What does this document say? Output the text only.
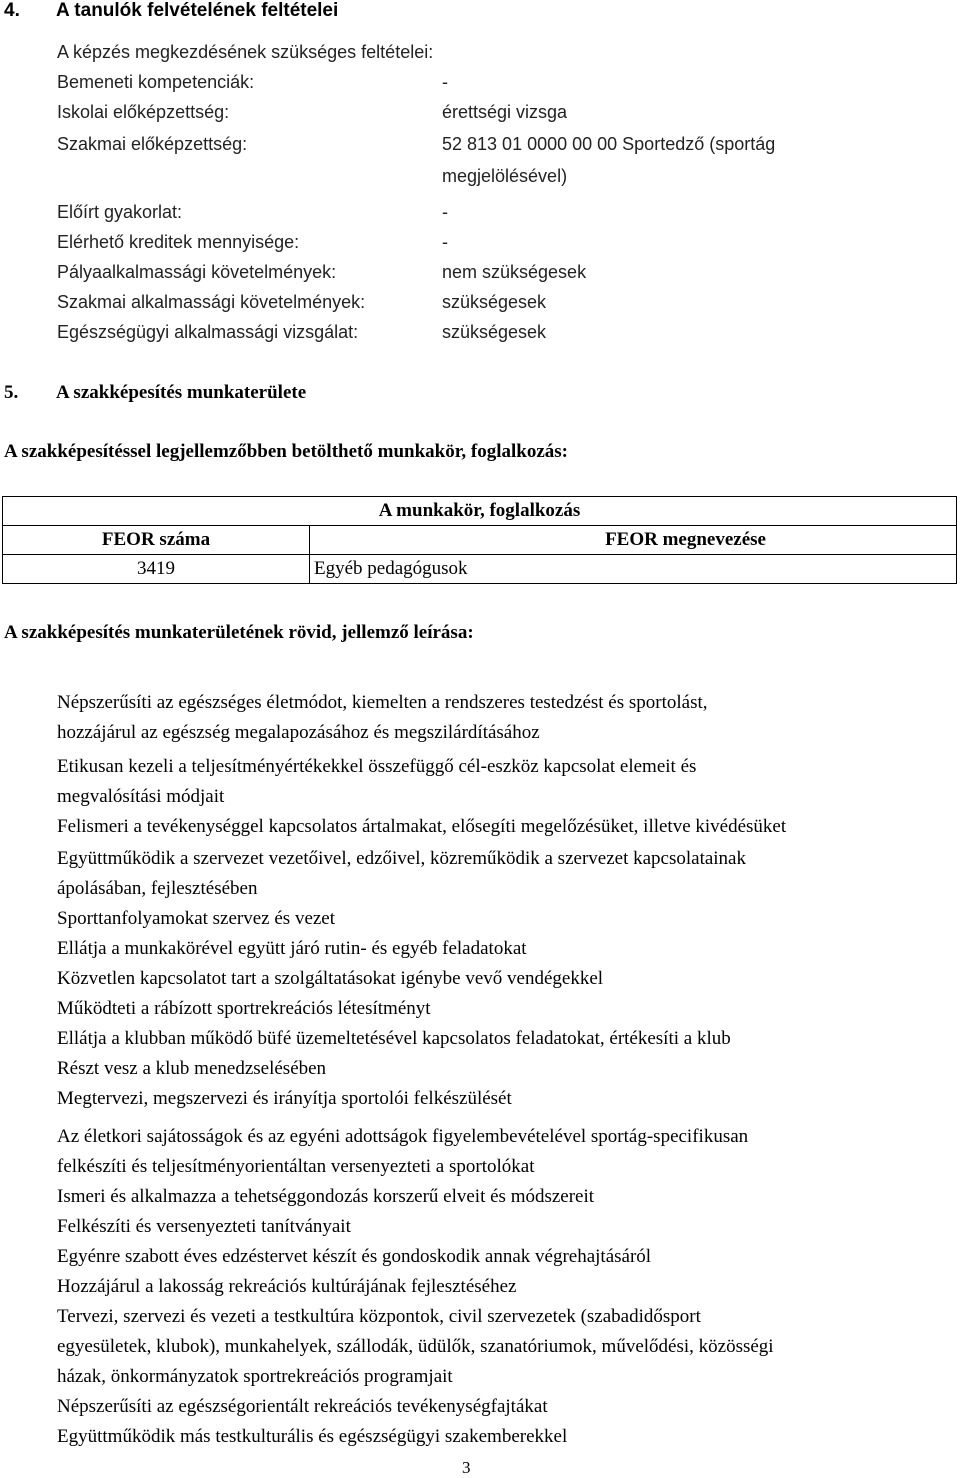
4. A tanulók felvételének feltételei
A képzés megkezdésének szükséges feltételei:
Bemeneti kompetenciák:	-
Iskolai előképzettség:	érettségi vizsga
Szakmai előképzettség:	52 813 01 0000 00 00 Sportedző (sportág
megjelölésével)
Előírt gyakorlat:	-
Elérhető kreditek mennyisége:	-
Pályaalkalmassági követelmények:	nem szükségesek
Szakmai alkalmassági követelmények:	szükségesek
Egészségügyi alkalmassági vizsgálat:	szükségesek
5. A szakképesítés munkaterülete
A szakképesítéssel legjellemzőbben betölthető munkakör, foglalkozás:
A munkakör, foglalkozás	
FEOR száma	FEOR megnevezése
3419	Egyéb pedagógusok
A szakképesítés munkaterületének rövid, jellemző leírása:
Népszerűsíti az egészséges életmódot, kiemelten a rendszeres testedzést és sportolást,
hozzájárul az egészség megalapozásához és megszilárdításához
Etikusan kezeli a teljesítményértékekkel összefüggő cél-eszköz kapcsolat elemeit és
megvalósítási módjait
Felismeri a tevékenységgel kapcsolatos ártalmakat, elősegíti megelőzésüket, illetve kivédésüket
Együttműködik a szervezet vezetőivel, edzőivel, közreműködik a szervezet kapcsolatainak
ápolásában, fejlesztésében
Sporttanfolyamokat szervez és vezet
Ellátja a munkakörével együtt járó rutin- és egyéb feladatokat
Közvetlen kapcsolatot tart a szolgáltatásokat igénybe vevő vendégekkel
Működteti a rábízott sportrekreációs létesítményt
Ellátja a klubban működő büfé üzemeltetésével kapcsolatos feladatokat, értékesíti a klub
Részt vesz a klub menedzselésében
Megtervezi, megszervezi és irányítja sportolói felkészülését
Az életkori sajátosságok és az egyéni adottságok figyelembevételével sportág-specifikusan
felkészíti és teljesítményorientáltan versenyezteti a sportolókat
Ismeri és alkalmazza a tehetséggondozás korszerű elveit és módszereit
Felkészíti és versenyezteti tanítványait
Egyénre szabott éves edzéstervet készít és gondoskodik annak végrehajtásáról
Hozzájárul a lakosság rekreációs kultúrájának fejlesztéséhez
Tervezi, szervezi és vezeti a testkultúra központok, civil szervezetek (szabadidősport
egyesületek, klubok), munkahelyek, szállodák, üdülők, szanatóriumok, művelődési, közösségi
házak, önkormányzatok sportrekreációs programjait
Népszerűsíti az egészségorientált rekreációs tevékenységfajtákat
Együttműködik más testkulturális és egészségügyi szakemberekkel
3
